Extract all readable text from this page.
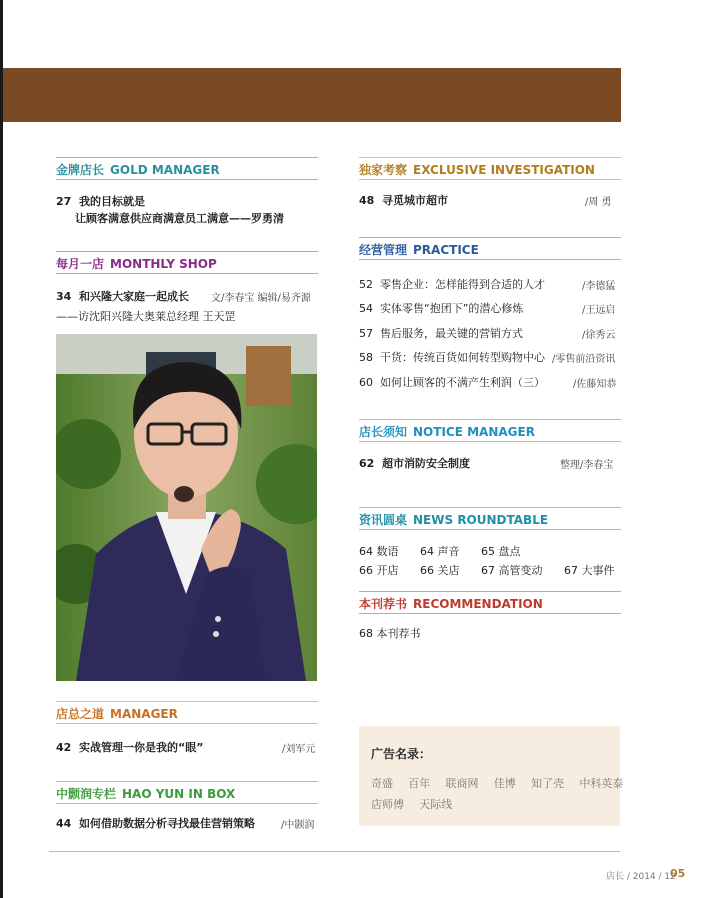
金牌店长 GOLD MANAGER
27 我的目标就是
让顾客满意供应商满意员工满意——罗勇清
每月一店 MONTHLY SHOP
34 和兴隆大家庭一起成长 文/李春宝 编辑/易齐源
——访沈阳兴隆大奥莱总经理 王天罡
店总之道 MANAGER
42 实战管理一你是我的“眼”	/刘军元
中颢润专栏 HAO YUN IN BOX
44 如何借助数据分析寻找最佳营销策略	/中颢润
独家考察 EXCLUSIVE INVESTIGATION
48 寻觅城市超市	/周 勇
经营管理 PRACTICE
52 零售企业：怎样能得到合适的人才	/李德猛
54 实体零售“抱团下”的潜心修炼	/王远启
57 售后服务，最关键的营销方式	/徐秀云
58 干货：传统百货如何转型购物中心 /零售前沿资讯
60 如何让顾客的不满产生利润（三）	/佐藤知恭
店长须知 NOTICE MANAGER
62 超市消防安全制度	整理/李春宝
资讯圆桌 NEWS ROUNDTABLE
64 数语 64 声音 65 盘点
66 开店 66 关店 67 高管变动 67 大事件
本刊荐书 RECOMMENDATION
68 本刊荐书
广告名录：
奇盛 百年 联商网 佳博 知了壳 中科英泰
店师傅 天际线
店长 / 2014 / 12
05
